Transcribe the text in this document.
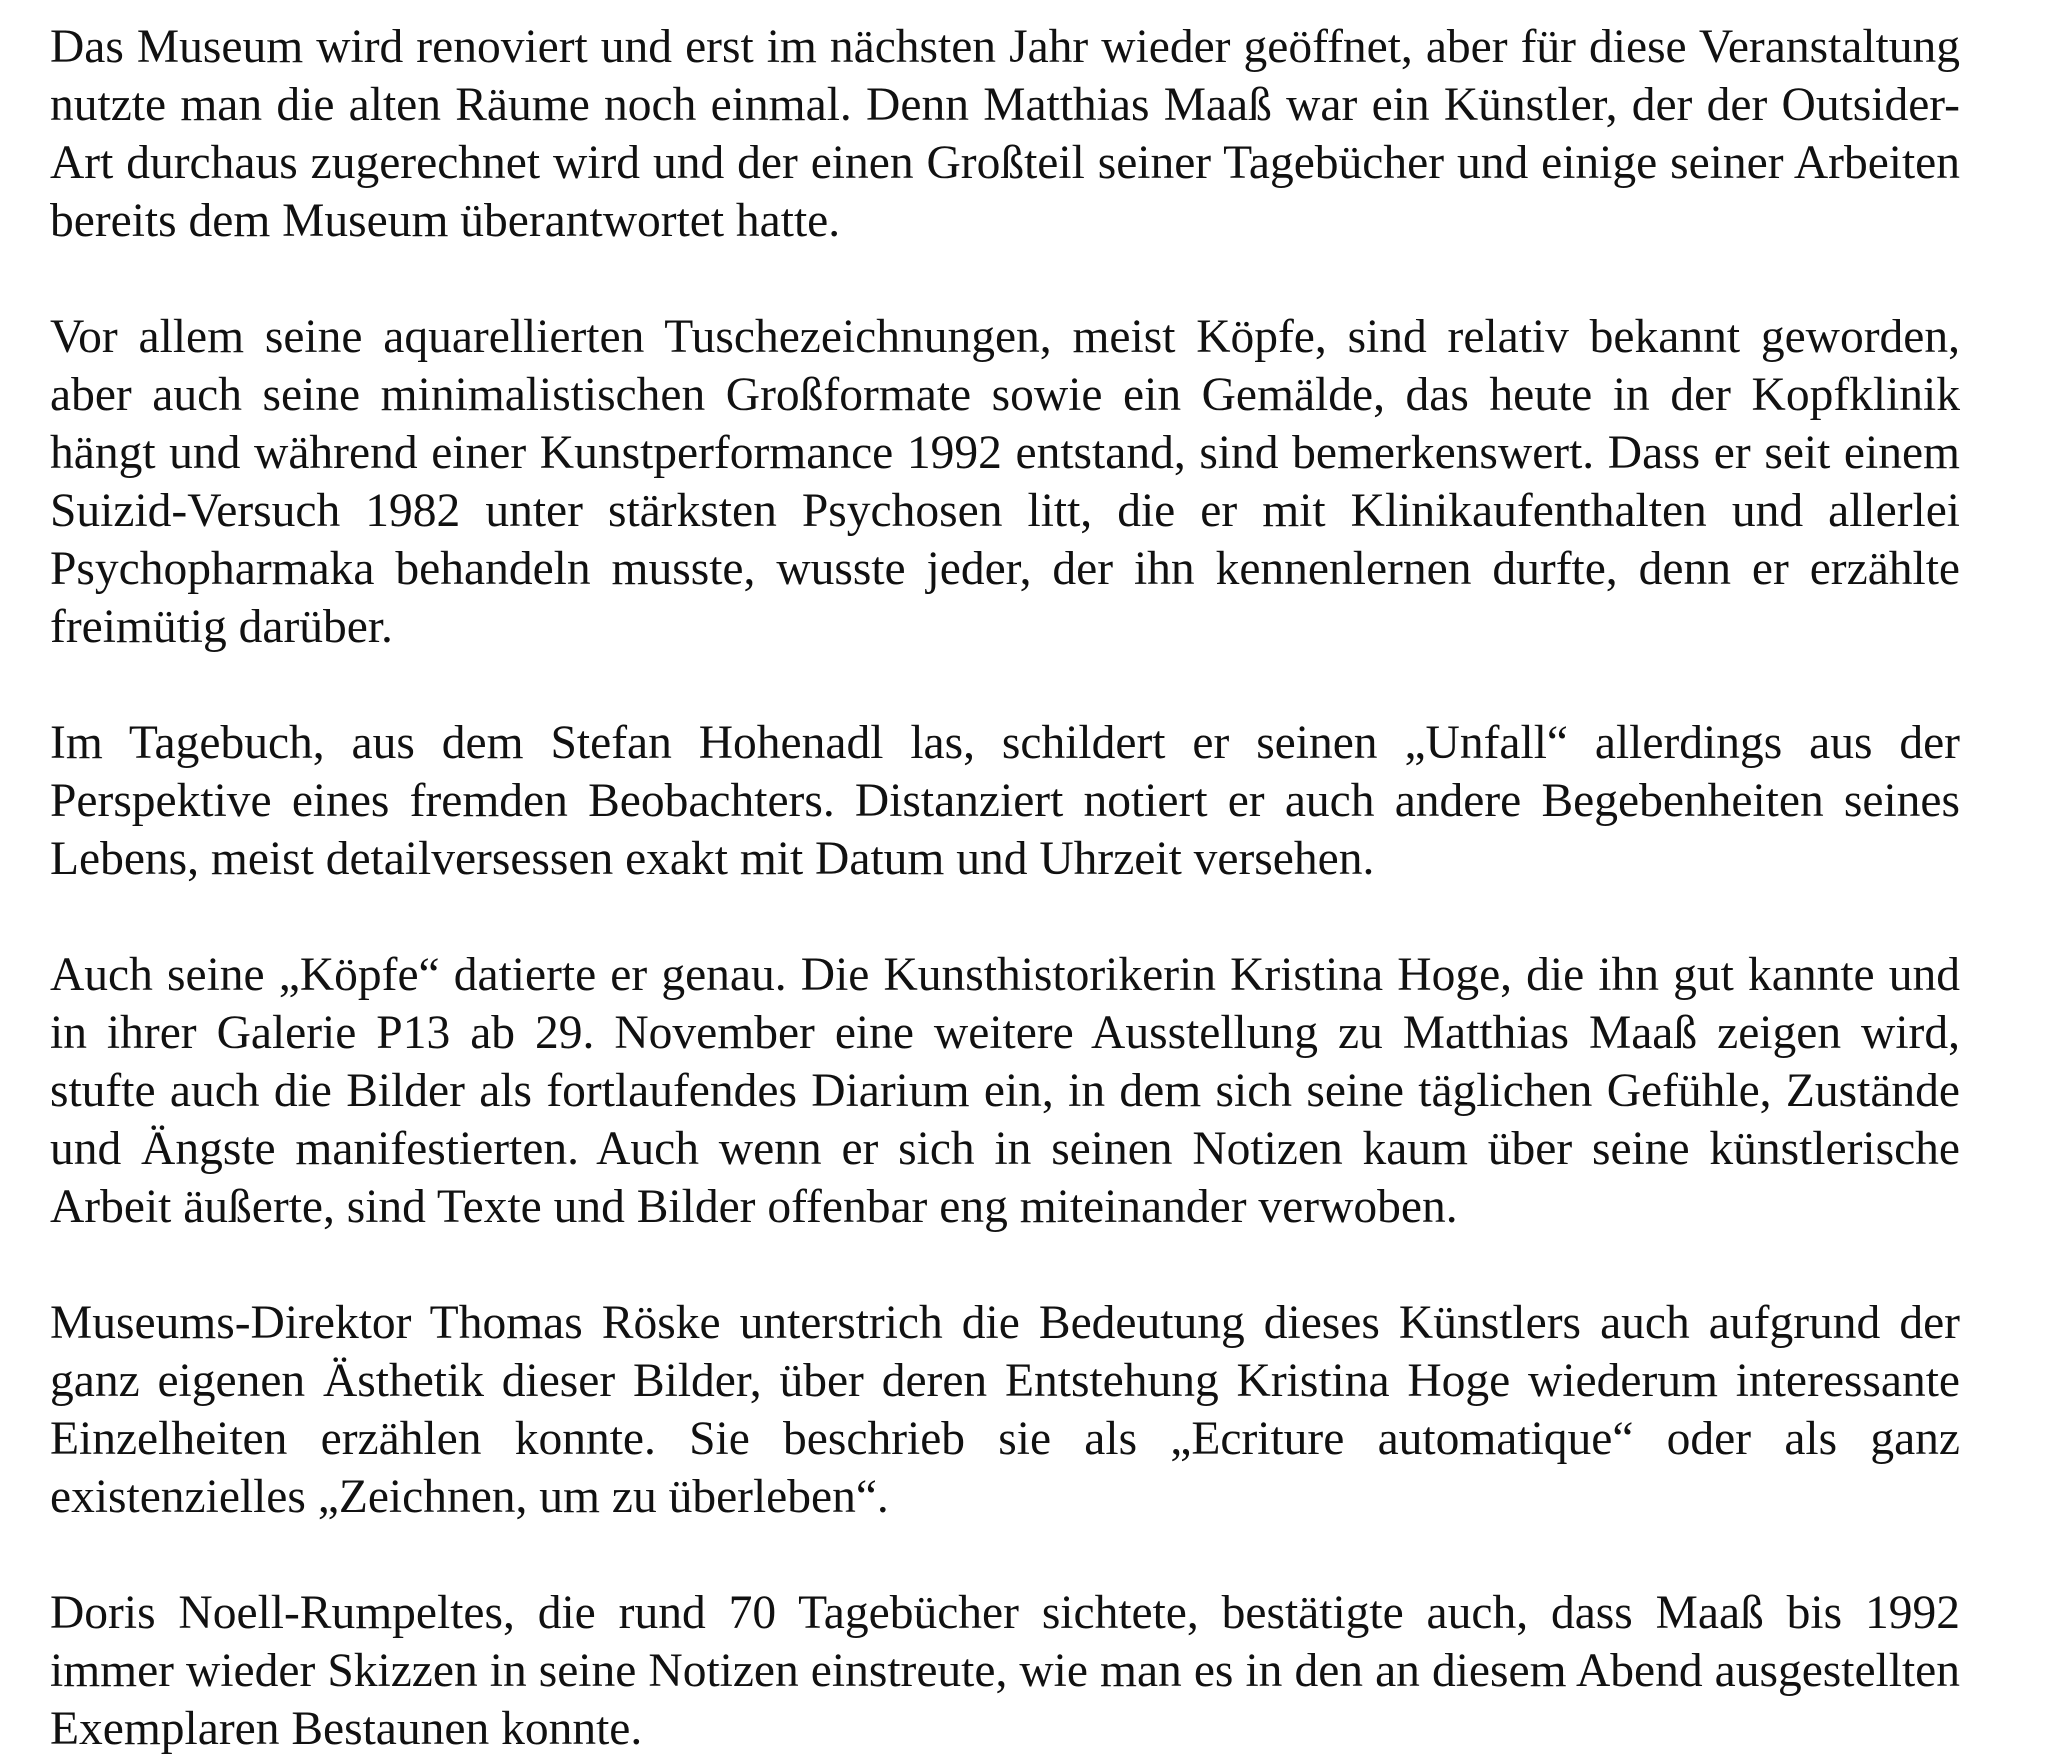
Das Museum wird renoviert und erst im nächsten Jahr wieder geöffnet, aber für diese Veranstaltung nutzte man die alten Räume noch einmal. Denn Matthias Maaß war ein Künstler, der der Outsider-Art durchaus zugerechnet wird und der einen Großteil seiner Tagebücher und einige seiner Arbeiten bereits dem Museum überantwortet hatte.

Vor allem seine aquarellierten Tuschezeichnungen, meist Köpfe, sind relativ bekannt geworden, aber auch seine minimalistischen Großformate sowie ein Gemälde, das heute in der Kopfklinik hängt und während einer Kunstperformance 1992 entstand, sind bemerkenswert. Dass er seit einem Suizid-Versuch 1982 unter stärksten Psychosen litt, die er mit Klinikaufenthalten und allerlei Psychopharmaka behandeln musste, wusste jeder, der ihn kennenlernen durfte, denn er erzählte freimütig darüber.

Im Tagebuch, aus dem Stefan Hohenadl las, schildert er seinen „Unfall“ allerdings aus der Perspektive eines fremden Beobachters. Distanziert notiert er auch andere Begebenheiten seines Lebens, meist detailversessen exakt mit Datum und Uhrzeit versehen.

Auch seine „Köpfe“ datierte er genau. Die Kunsthistorikerin Kristina Hoge, die ihn gut kannte und in ihrer Galerie P13 ab 29. November eine weitere Ausstellung zu Matthias Maaß zeigen wird, stufte auch die Bilder als fortlaufendes Diarium ein, in dem sich seine täglichen Gefühle, Zustände und Ängste manifestierten. Auch wenn er sich in seinen Notizen kaum über seine künstlerische Arbeit äußerte, sind Texte und Bilder offenbar eng miteinander verwoben.

Museums-Direktor Thomas Röske unterstrich die Bedeutung dieses Künstlers auch aufgrund der ganz eigenen Ästhetik dieser Bilder, über deren Entstehung Kristina Hoge wiederum interessante Einzelheiten erzählen konnte. Sie beschrieb sie als „Ecriture automatique“ oder als ganz existenzielles „Zeichnen, um zu überleben“.

Doris Noell-Rumpeltes, die rund 70 Tagebücher sichtete, bestätigte auch, dass Maaß bis 1992 immer wieder Skizzen in seine Notizen einstreute, wie man es in den an diesem Abend ausgestellten Exemplaren Bestaunen konnte.
